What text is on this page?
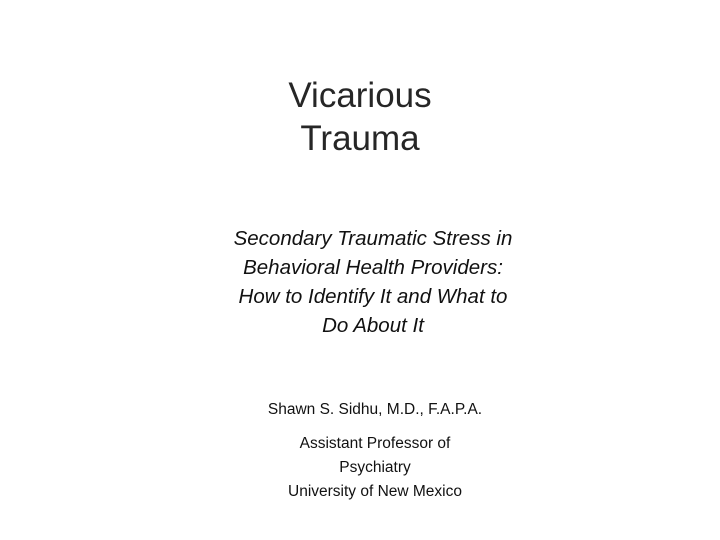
Vicarious
Trauma

Secondary Traumatic Stress in Behavioral Health Providers: How to Identify It and What to Do About It

Shawn S. Sidhu, M.D., F.A.P.A.

Assistant Professor of
Psychiatry
University of New Mexico
